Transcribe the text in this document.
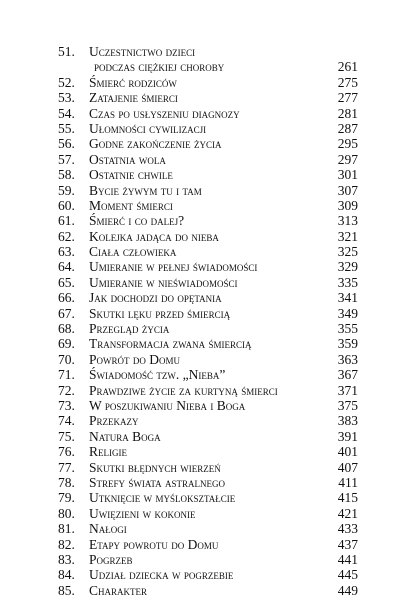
51.	Uczestnictwo dzieci
podczas ciężkiej choroby	261
52.	Śmierć rodziców	275
53.	Zatajenie śmierci	277
54.	Czas po usłyszeniu diagnozy	281
55.	Ułomności cywilizacji	287
56.	Godne zakończenie życia	295
57.	Ostatnia wola	297
58.	Ostatnie chwile	301
59.	Bycie żywym tu i tam	307
60.	Moment śmierci	309
61.	Śmierć i co dalej?	313
62.	Kolejka jadąca do nieba	321
63.	Ciała człowieka	325
64.	Umieranie w pełnej świadomości	329
65.	Umieranie w nieświadomości	335
66.	Jak dochodzi do opętania	341
67.	Skutki lęku przed śmiercią	349
68.	Przegląd życia	355
69.	Transformacja zwana śmiercią	359
70.	Powrót do Domu	363
71.	Świadomość tzw. „Nieba”	367
72.	Prawdziwe życie za kurtyną śmierci	371
73.	W poszukiwaniu Nieba i Boga	375
74.	Przekazy	383
75.	Natura Boga	391
76.	Religie	401
77.	Skutki błędnych wierzeń	407
78.	Strefy świata astralnego	411
79.	Utknięcie w myślokształcie	415
80.	Uwięzieni w kokonie	421
81.	Nałogi	433
82.	Etapy powrotu do Domu	437
83.	Pogrzeb	441
84.	Udział dziecka w pogrzebie	445
85.	Charakter	449
